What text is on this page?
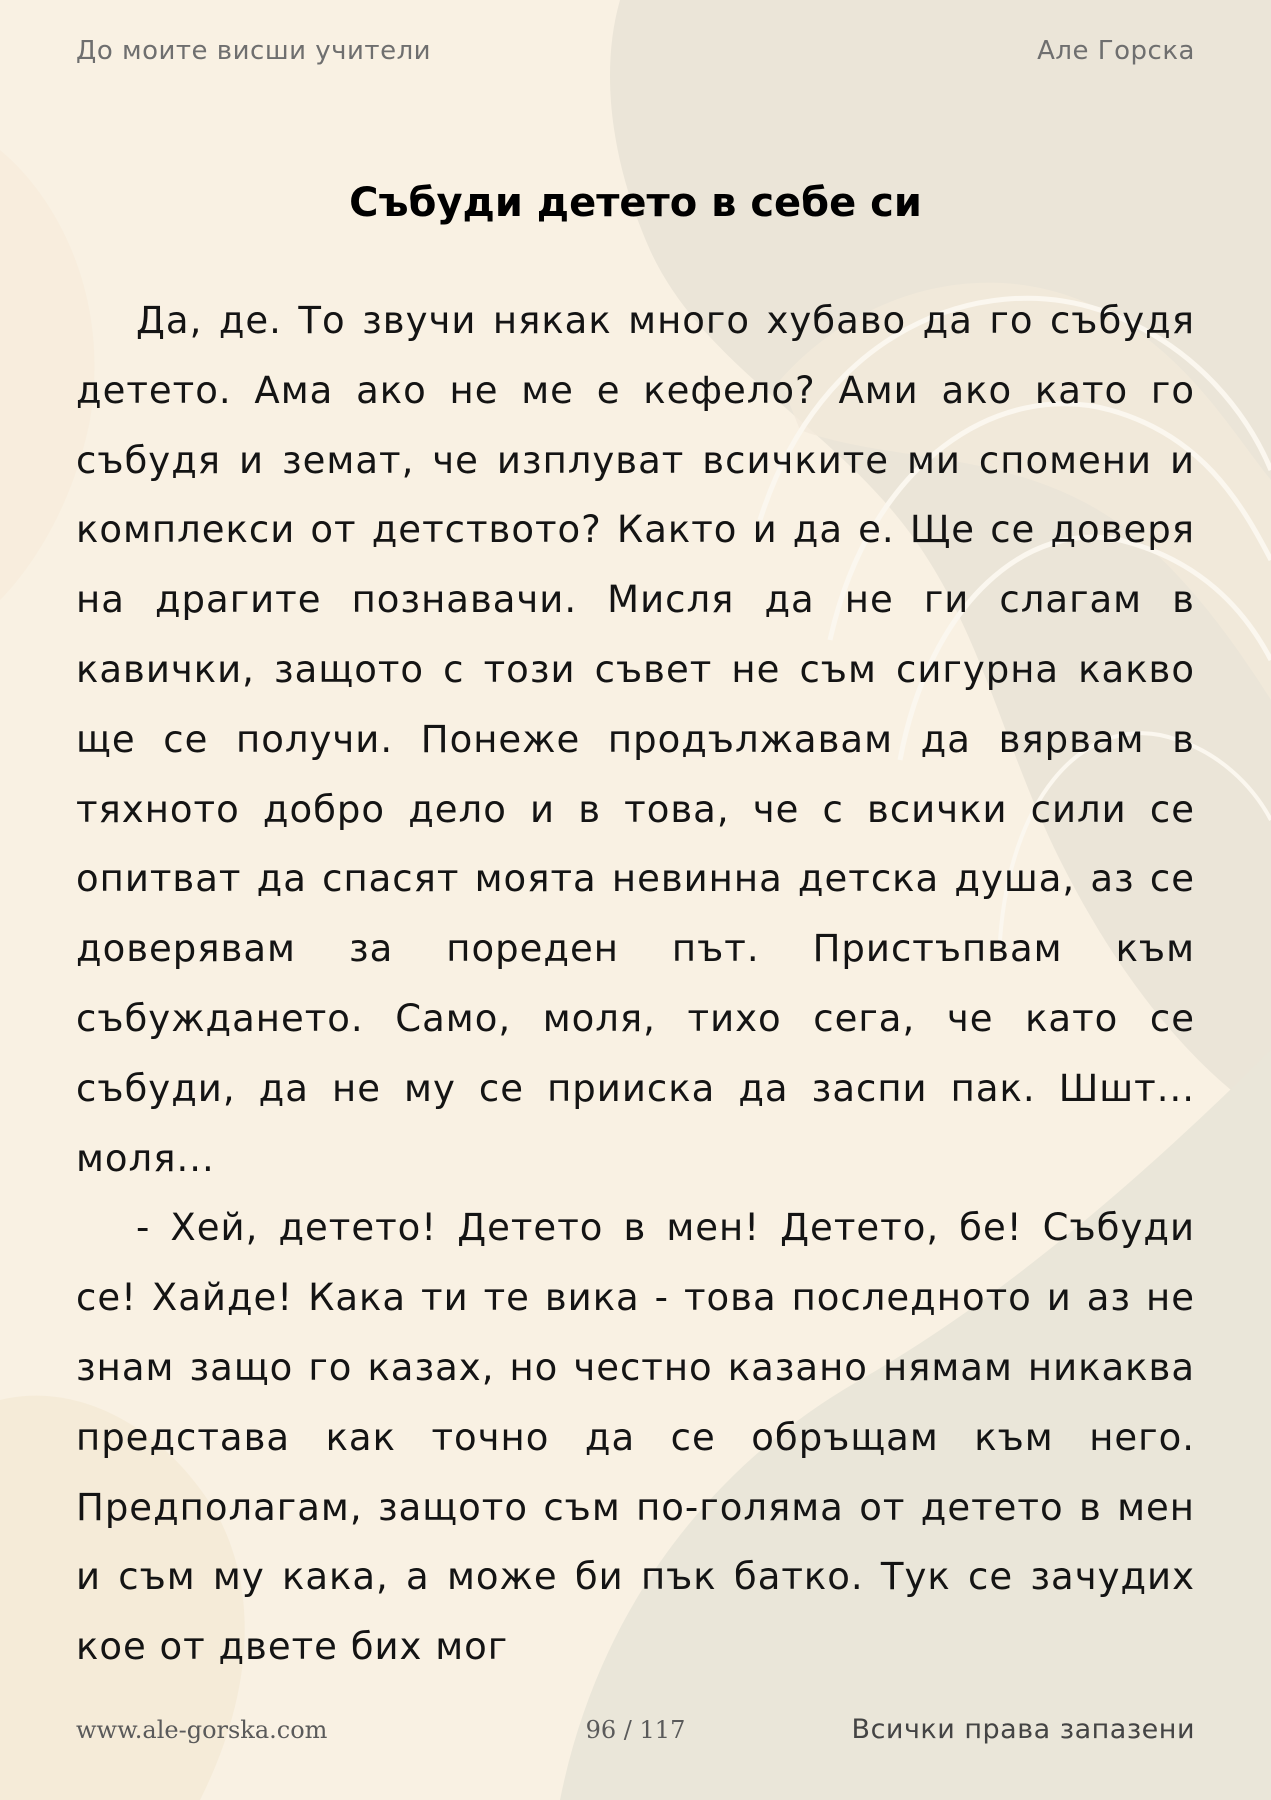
До моите висши учители	Але Горска
Събуди детето в себе си

Да, де. То звучи някак много хубаво да го събудя детето. Ама ако не ме е кефело? Ами ако като го събудя и земат, че изплуват всичките ми спомени и комплекси от детството? Както и да е. Ще се доверя на драгите познавачи. Мисля да не ги слагам в кавички, защото с този съвет не съм сигурна какво ще се получи. Понеже продължавам да вярвам в тяхното добро дело и в това, че с всички сили се опитват да спасят моята невинна детска душа, аз се доверявам за пореден път. Пристъпвам към събуждането. Само, моля, тихо сега, че като се събуди, да не му се прииска да заспи пак. Шшт... моля...

- Хей, детето! Детето в мен! Детето, бе! Събуди се! Хайде! Кака ти те вика - това последното и аз не знам защо го казах, но честно казано нямам никаква представа как точно да се обръщам към него. Предполагам, защото съм по-голяма от детето в мен и съм му кака, а може би пък батко. Тук се зачудих кое от двете бих мог

www.ale-gorska.com	96 / 117	Всички права запазени
